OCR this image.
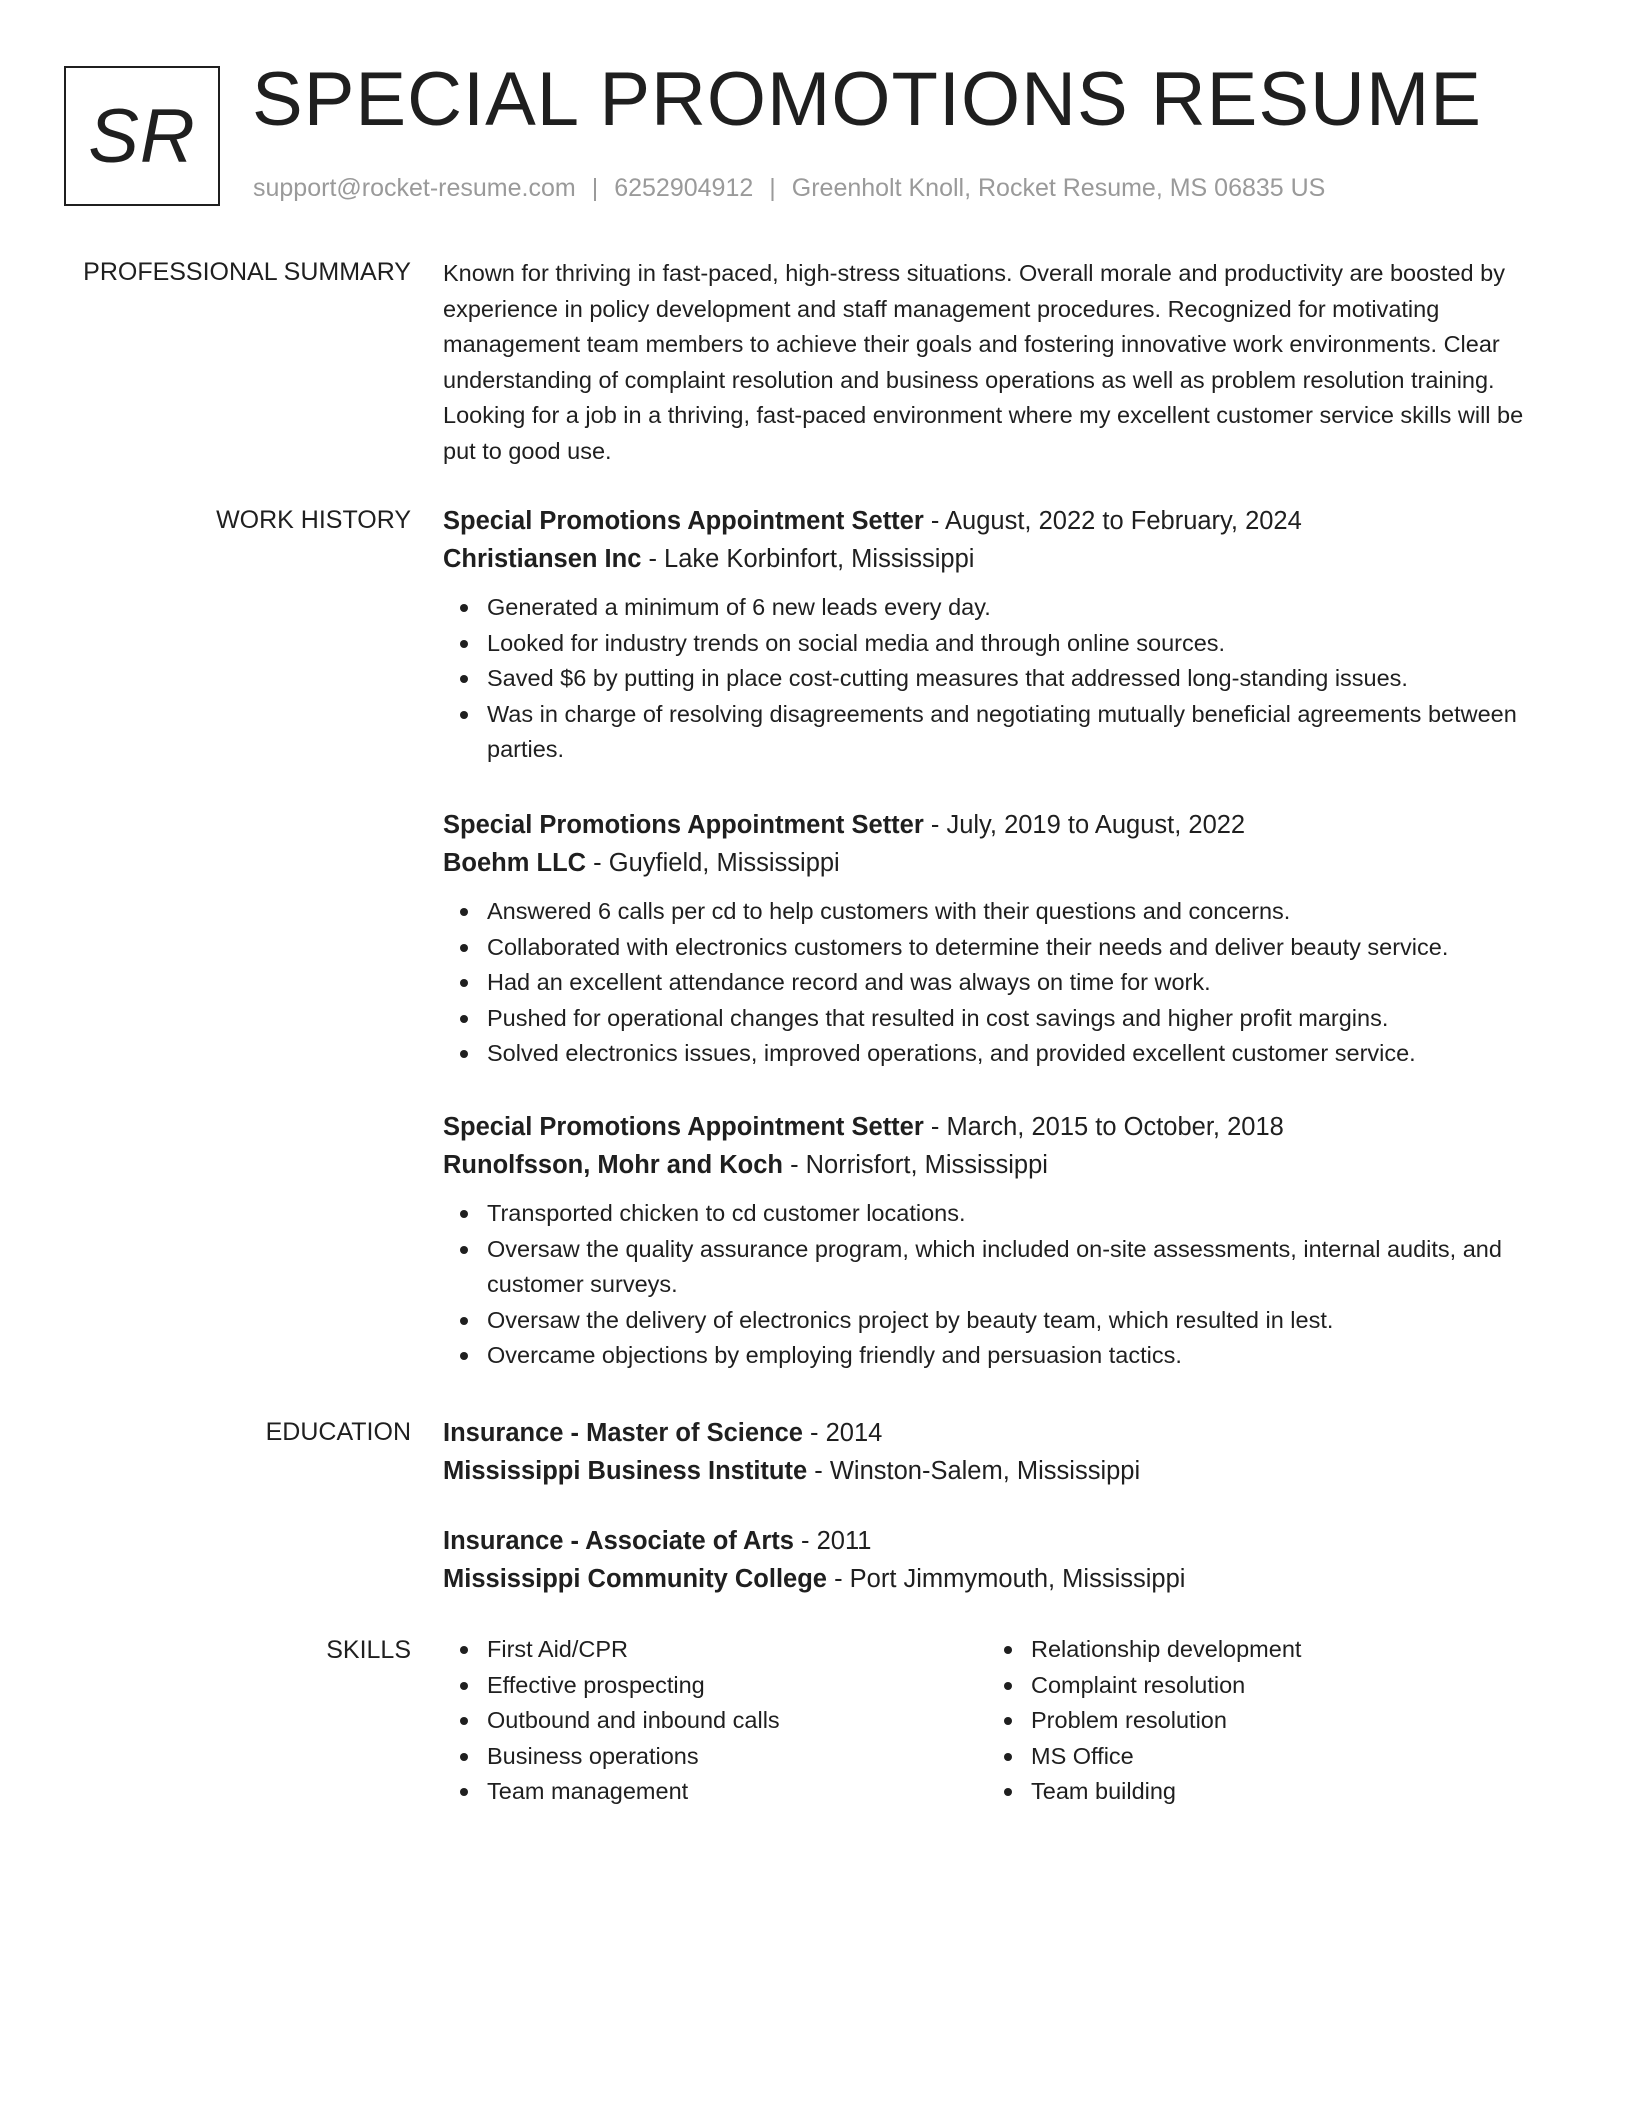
SR SPECIAL PROMOTIONS RESUME
support@rocket-resume.com | 6252904912 | Greenholt Knoll, Rocket Resume, MS 06835 US
PROFESSIONAL SUMMARY Known for thriving in fast-paced, high-stress situations. Overall morale and productivity are boosted by experience in policy development and staff management procedures. Recognized for motivating management team members to achieve their goals and fostering innovative work environments. Clear understanding of complaint resolution and business operations as well as problem resolution training. Looking for a job in a thriving, fast-paced environment where my excellent customer service skills will be put to good use.

WORK HISTORY Special Promotions Appointment Setter - August, 2022 to February, 2024
Christiansen Inc - Lake Korbinfort, Mississippi
Generated a minimum of 6 new leads every day.
Looked for industry trends on social media and through online sources.
Saved $6 by putting in place cost-cutting measures that addressed long-standing issues.
Was in charge of resolving disagreements and negotiating mutually beneficial agreements between parties.
Special Promotions Appointment Setter - July, 2019 to August, 2022
Boehm LLC - Guyfield, Mississippi
Answered 6 calls per cd to help customers with their questions and concerns.
Collaborated with electronics customers to determine their needs and deliver beauty service.
Had an excellent attendance record and was always on time for work.
Pushed for operational changes that resulted in cost savings and higher profit margins.
Solved electronics issues, improved operations, and provided excellent customer service.
Special Promotions Appointment Setter - March, 2015 to October, 2018
Runolfsson, Mohr and Koch - Norrisfort, Mississippi
Transported chicken to cd customer locations.
Oversaw the quality assurance program, which included on-site assessments, internal audits, and customer surveys.
Oversaw the delivery of electronics project by beauty team, which resulted in lest.
Overcame objections by employing friendly and persuasion tactics.
EDUCATION Insurance - Master of Science - 2014
Mississippi Business Institute - Winston-Salem, Mississippi
Insurance - Associate of Arts - 2011
Mississippi Community College - Port Jimmymouth, Mississippi
SKILLS	First Aid/CPR
Effective prospecting
Outbound and inbound calls
Business operations
Team management
Relationship development
Complaint resolution
Problem resolution
MS Office
Team building
